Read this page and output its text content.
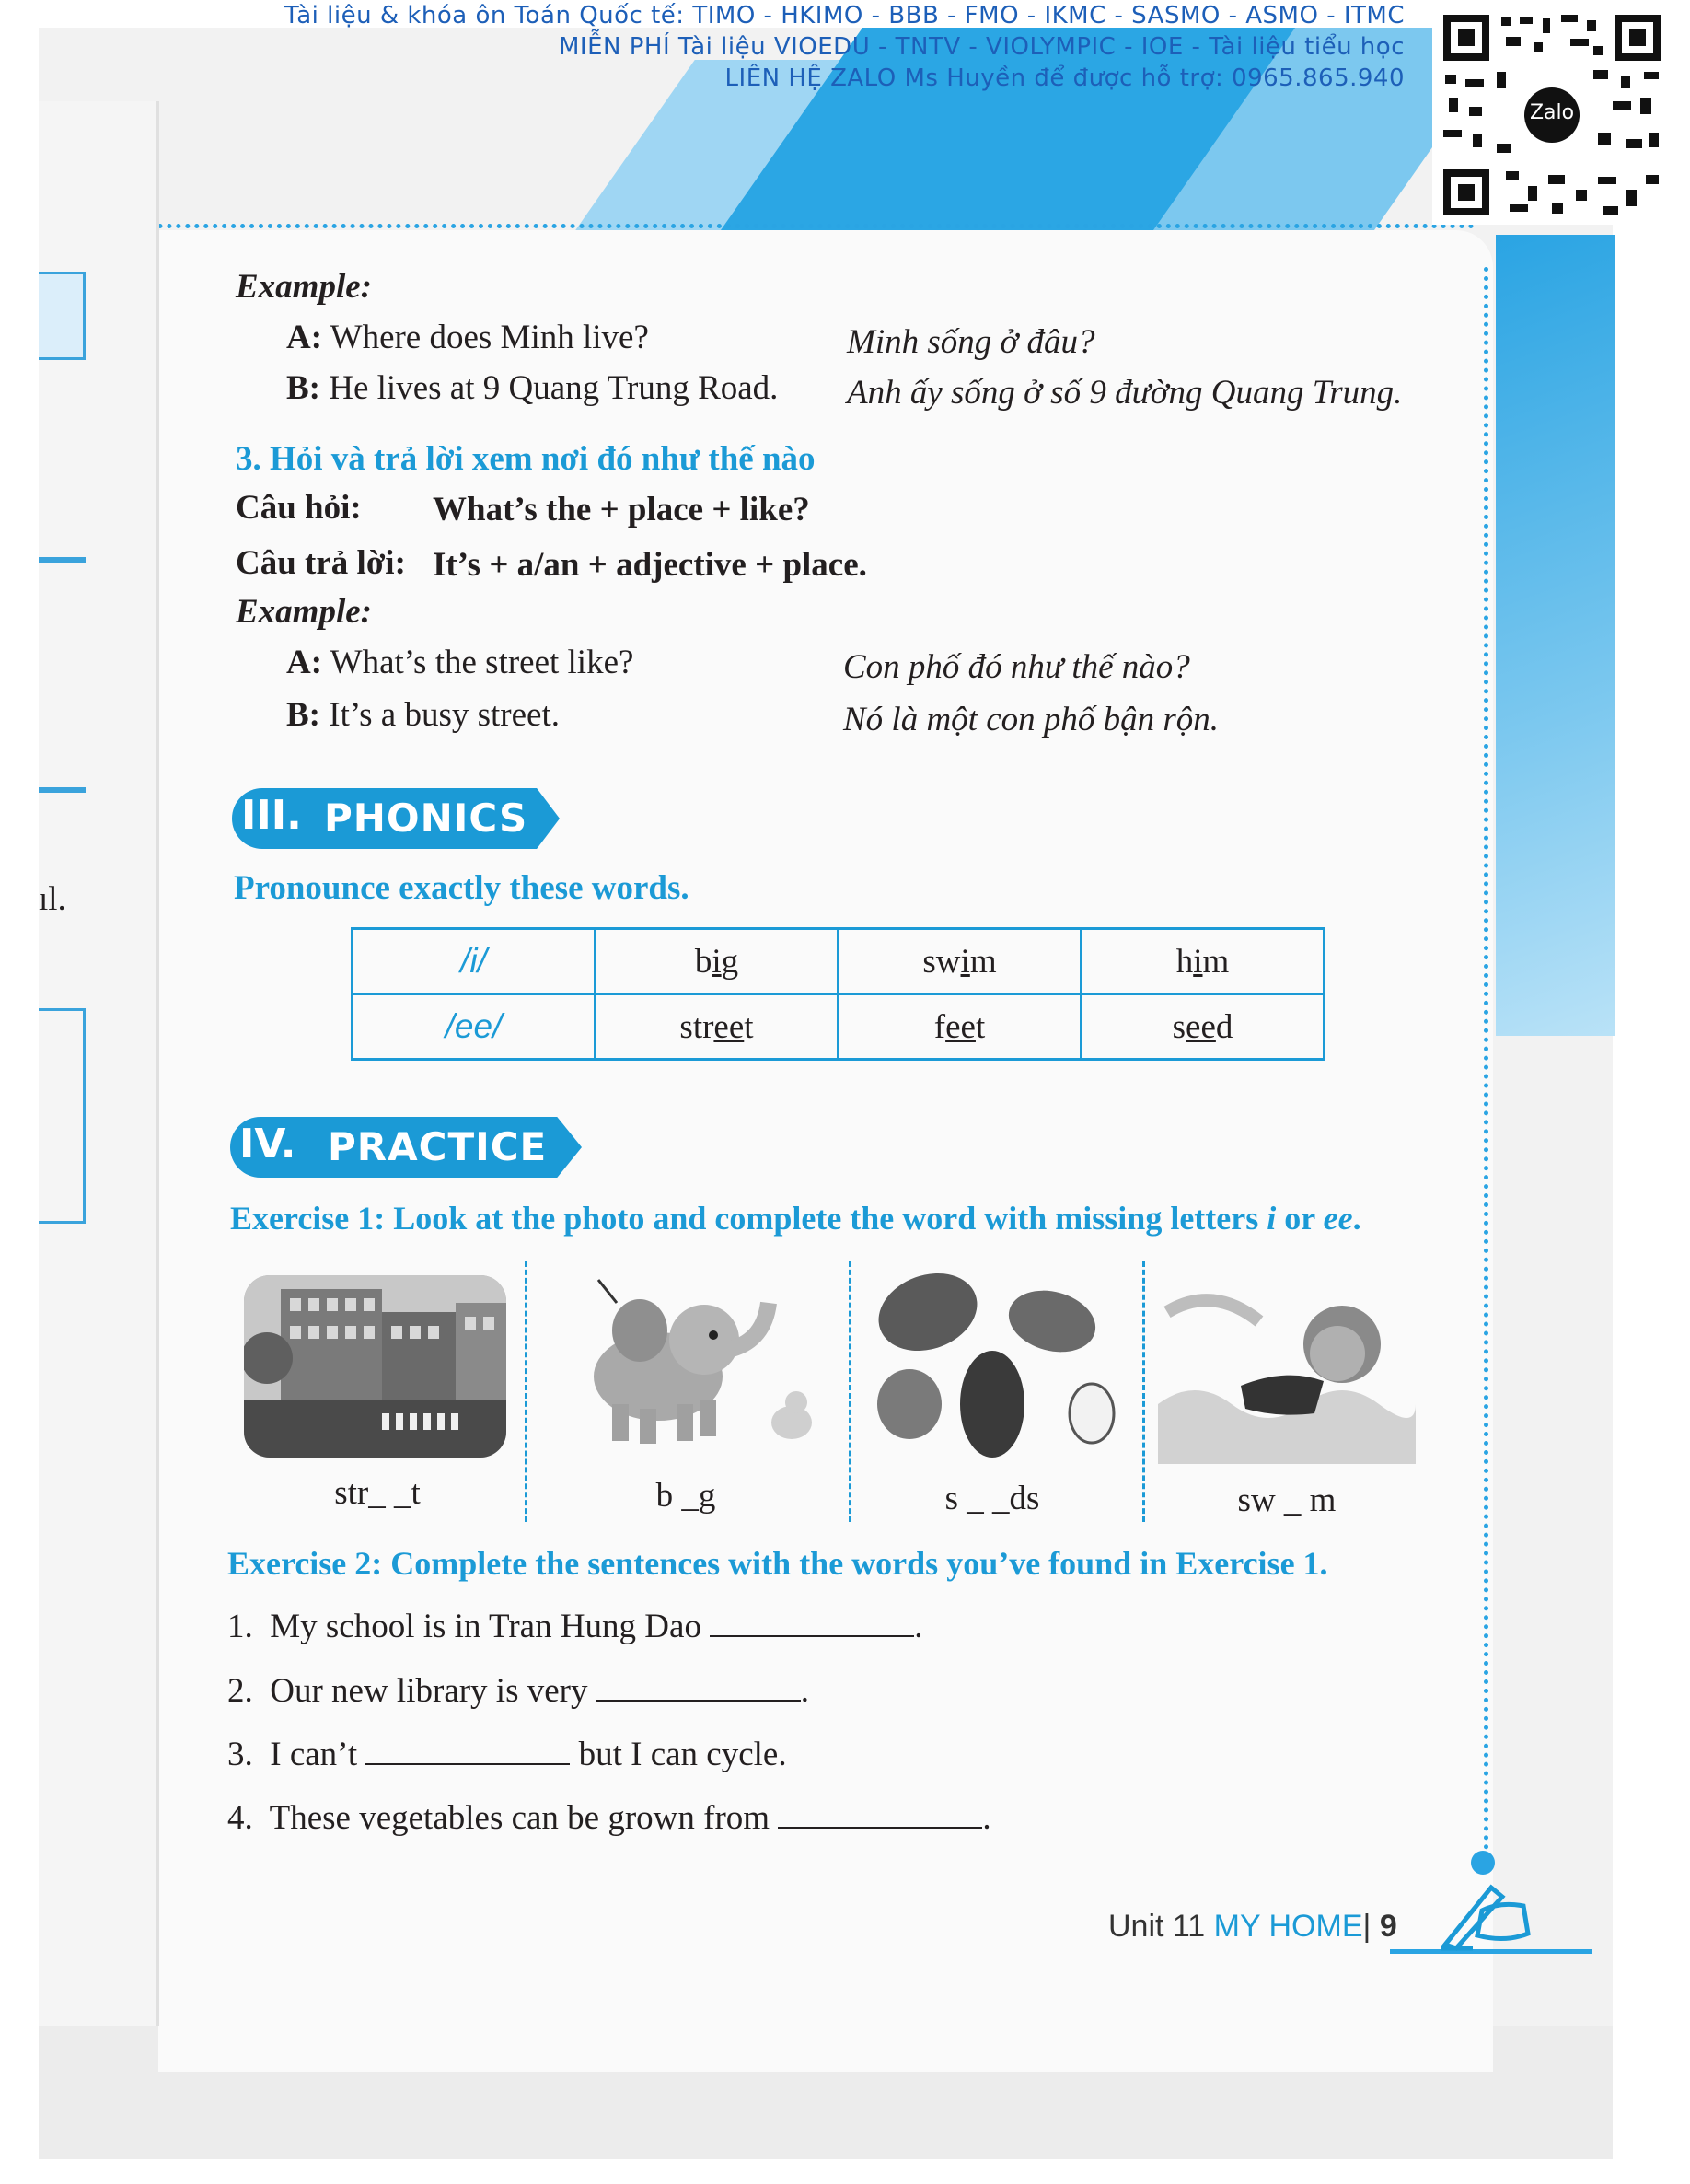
ıl.
Tài liệu & khóa ôn Toán Quốc tế: TIMO - HKIMO - BBB - FMO - IKMC - SASMO - ASMO - ITMC
MIỄN PHÍ Tài liệu VIOEDU - TNTV - VIOLYMPIC - IOE - Tài liệu tiểu học
LIÊN HỆ ZALO Ms Huyền để được hỗ trợ: 0965.865.940
Zalo
Example:
A: Where does Minh live?	Minh sống ở đâu?
B: He lives at 9 Quang Trung Road. Anh ấy sống ở số 9 đường Quang Trung.
3. Hỏi và trả lời xem nơi đó như thế nào
Câu hỏi: What’s the + place + like?
Câu trả lời: It’s + a/an + adjective + place.
Example:
A: What’s the street like?	Con phố đó như thế nào?
B: It’s a busy street.	Nó là một con phố bận rộn.
III. PHONICS
Pronounce exactly these words.
/i/	big	swim	him
/ee/	street	feet	seed
IV. PRACTICE
Exercise 1: Look at the photo and complete the word with missing letters i or ee.
str_ _t	b _g	s _ _ds	sw _ m
Exercise 2: Complete the sentences with the words you’ve found in Exercise 1.
1. My school is in Tran Hung Dao	.
2. Our new library is very	.
3. I can’t	but I can cycle.
4. These vegetables can be grown from	.
Unit 11 MY HOME| 9
